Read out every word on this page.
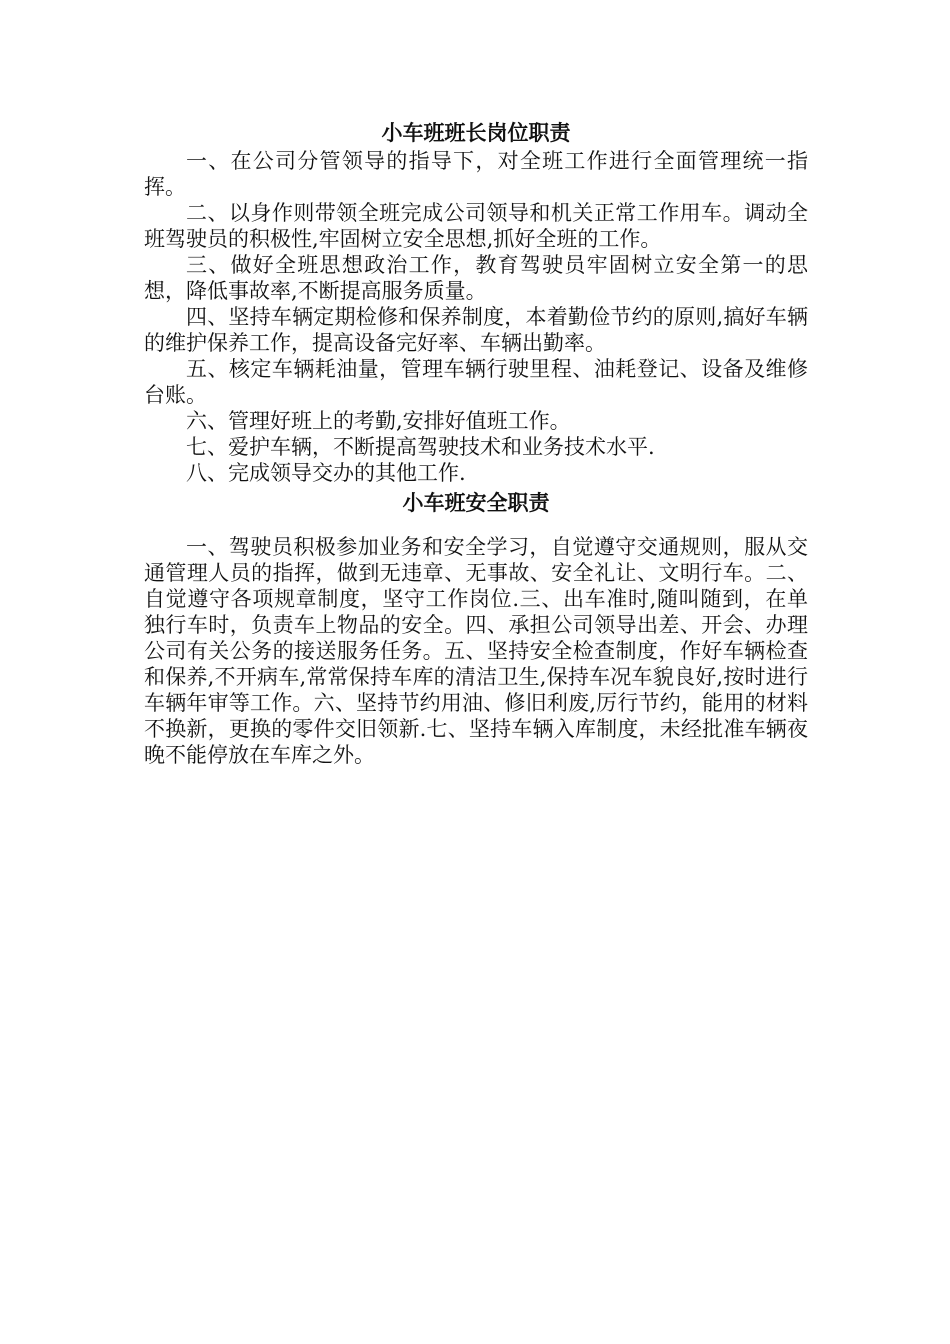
小车班班长岗位职责

一、在公司分管领导的指导下，对全班工作进行全面管理统一指挥。

二、以身作则带领全班完成公司领导和机关正常工作用车。调动全班驾驶员的积极性,牢固树立安全思想,抓好全班的工作。

三、做好全班思想政治工作，教育驾驶员牢固树立安全第一的思想，降低事故率,不断提高服务质量。

四、坚持车辆定期检修和保养制度，本着勤俭节约的原则,搞好车辆的维护保养工作，提高设备完好率、车辆出勤率。

五、核定车辆耗油量，管理车辆行驶里程、油耗登记、设备及维修台账。

六、管理好班上的考勤,安排好值班工作。

七、爱护车辆，不断提高驾驶技术和业务技术水平.

八、完成领导交办的其他工作.

小车班安全职责

一、驾驶员积极参加业务和安全学习，自觉遵守交通规则，服从交通管理人员的指挥，做到无违章、无事故、安全礼让、文明行车。二、自觉遵守各项规章制度，坚守工作岗位.三、出车准时,随叫随到，在单独行车时，负责车上物品的安全。四、承担公司领导出差、开会、办理公司有关公务的接送服务任务。五、坚持安全检查制度，作好车辆检查和保养,不开病车,常常保持车库的清洁卫生,保持车况车貌良好,按时进行车辆年审等工作。六、坚持节约用油、修旧利废,厉行节约，能用的材料不换新，更换的零件交旧领新.七、坚持车辆入库制度，未经批准车辆夜晚不能停放在车库之外。
